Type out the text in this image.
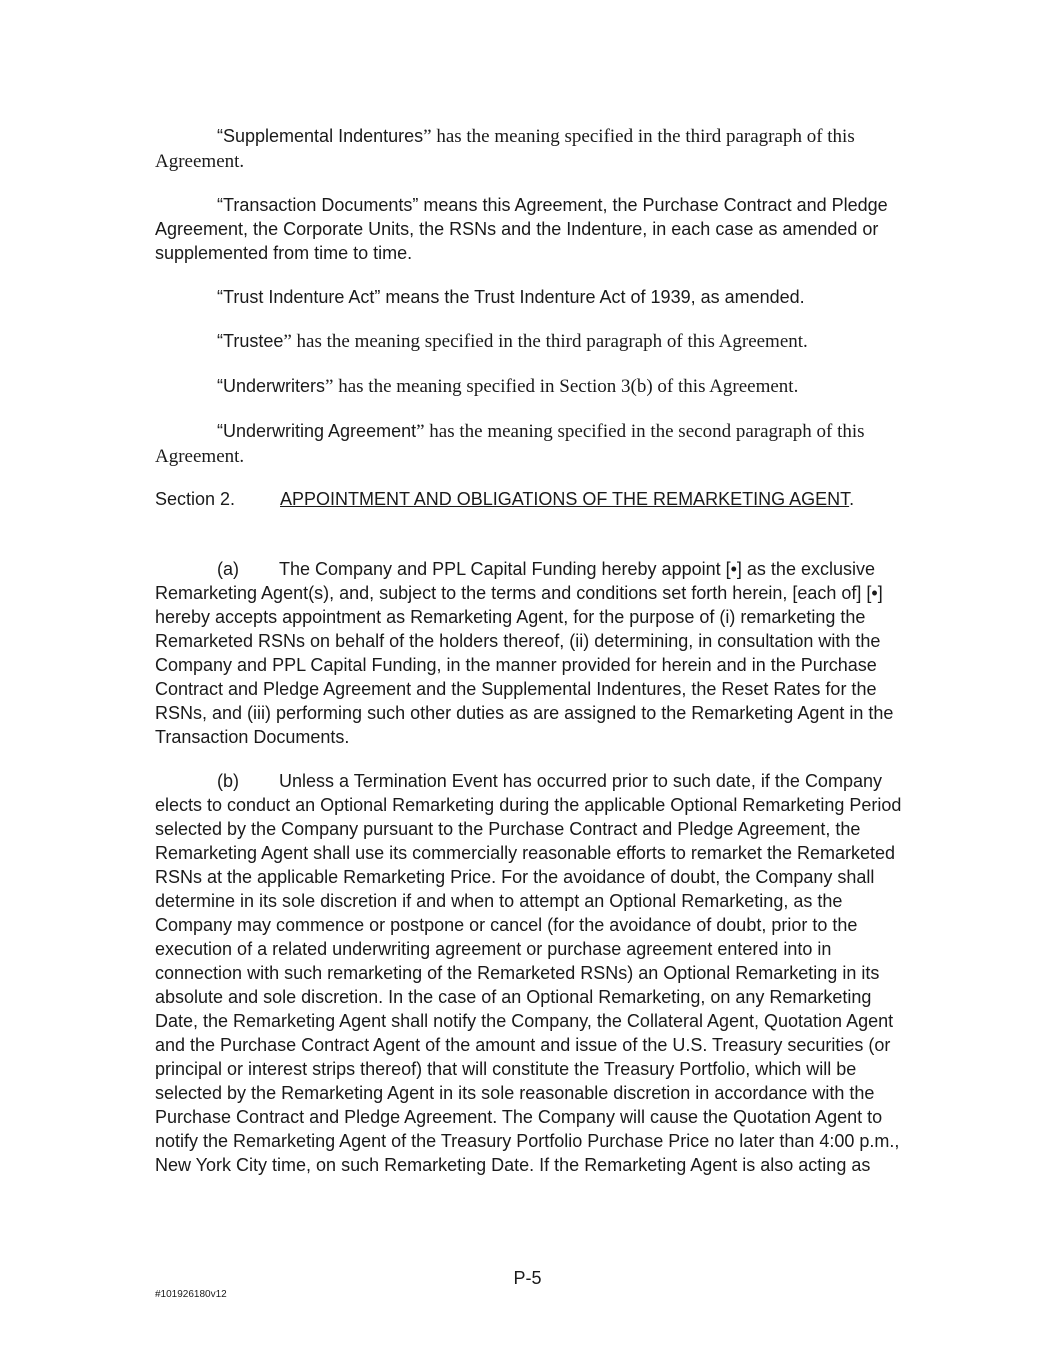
“Supplemental Indentures” has the meaning specified in the third paragraph of this Agreement.

“Transaction Documents” means this Agreement, the Purchase Contract and Pledge Agreement, the Corporate Units, the RSNs and the Indenture, in each case as amended or supplemented from time to time.

“Trust Indenture Act” means the Trust Indenture Act of 1939, as amended.

“Trustee” has the meaning specified in the third paragraph of this Agreement.

“Underwriters” has the meaning specified in Section 3(b) of this Agreement.

“Underwriting Agreement” has the meaning specified in the second paragraph of this Agreement.

Section 2. APPOINTMENT AND OBLIGATIONS OF THE REMARKETING AGENT.

(a) The Company and PPL Capital Funding hereby appoint [•] as the exclusive Remarketing Agent(s), and, subject to the terms and conditions set forth herein, [each of] [•] hereby accepts appointment as Remarketing Agent, for the purpose of (i) remarketing the Remarketed RSNs on behalf of the holders thereof, (ii) determining, in consultation with the Company and PPL Capital Funding, in the manner provided for herein and in the Purchase Contract and Pledge Agreement and the Supplemental Indentures, the Reset Rates for the RSNs, and (iii) performing such other duties as are assigned to the Remarketing Agent in the Transaction Documents.

(b) Unless a Termination Event has occurred prior to such date, if the Company elects to conduct an Optional Remarketing during the applicable Optional Remarketing Period selected by the Company pursuant to the Purchase Contract and Pledge Agreement, the Remarketing Agent shall use its commercially reasonable efforts to remarket the Remarketed RSNs at the applicable Remarketing Price. For the avoidance of doubt, the Company shall determine in its sole discretion if and when to attempt an Optional Remarketing, as the Company may commence or postpone or cancel (for the avoidance of doubt, prior to the execution of a related underwriting agreement or purchase agreement entered into in connection with such remarketing of the Remarketed RSNs) an Optional Remarketing in its absolute and sole discretion. In the case of an Optional Remarketing, on any Remarketing Date, the Remarketing Agent shall notify the Company, the Collateral Agent, Quotation Agent and the Purchase Contract Agent of the amount and issue of the U.S. Treasury securities (or principal or interest strips thereof) that will constitute the Treasury Portfolio, which will be selected by the Remarketing Agent in its sole reasonable discretion in accordance with the Purchase Contract and Pledge Agreement. The Company will cause the Quotation Agent to notify the Remarketing Agent of the Treasury Portfolio Purchase Price no later than 4:00 p.m., New York City time, on such Remarketing Date. If the Remarketing Agent is also acting as

P-5
#101926180v12
